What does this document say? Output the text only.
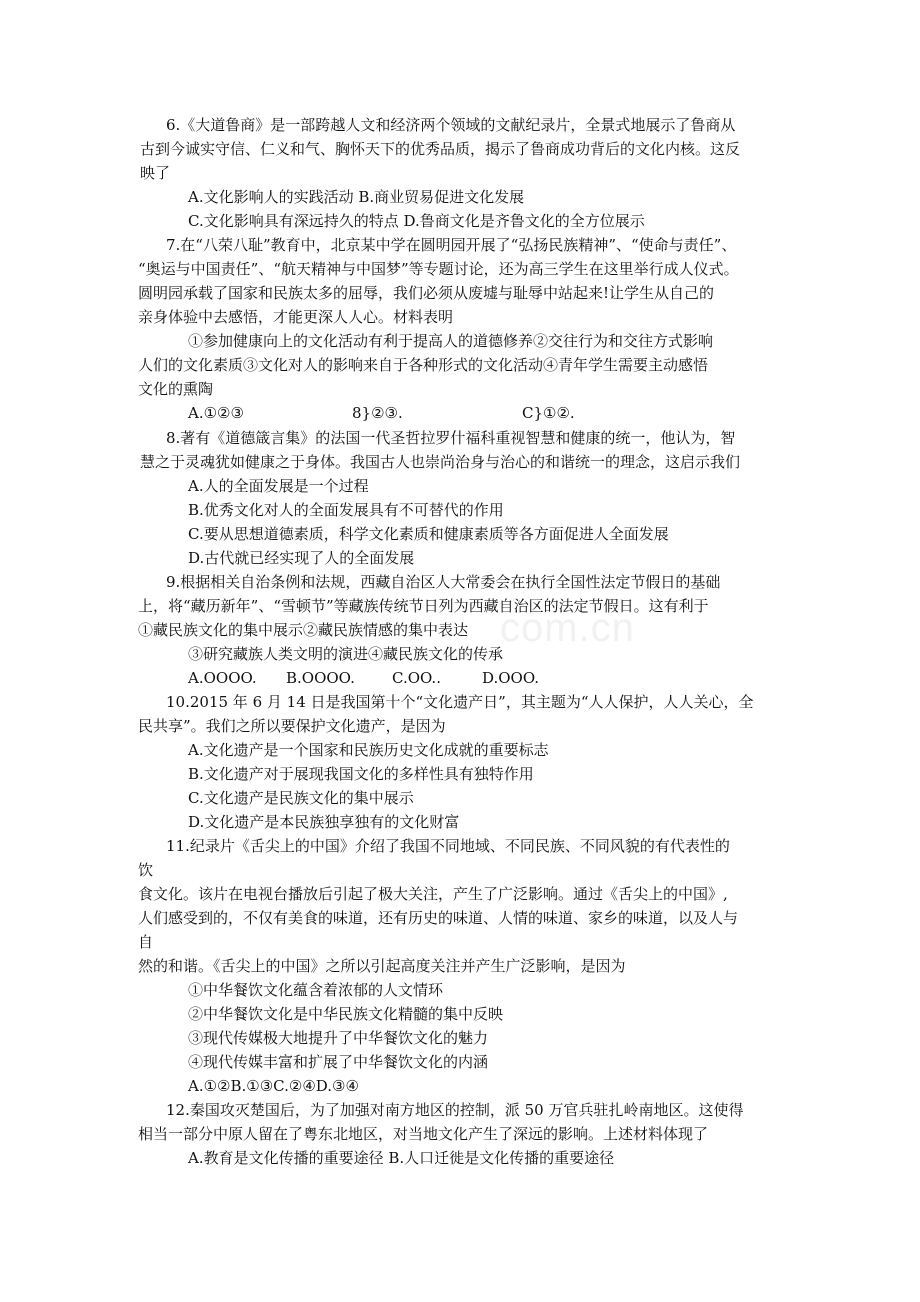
com.cn
6.《大道鲁商》是一部跨越人文和经济两个领域的文献纪录片，全景式地展示了鲁商从
古到今诚实守信、仁义和气、胸怀天下的优秀品质，揭示了鲁商成功背后的文化内核。这反
映了
A.文化影响人的实践活动 B.商业贸易促进文化发展
C.文化影响具有深远持久的特点 D.鲁商文化是齐鲁文化的全方位展示
7.在“八荣八耻”教育中，北京某中学在圆明园开展了“弘扬民族精神”、“使命与责任”、
“奥运与中国责任”、“航天精神与中国梦”等专题讨论，还为高三学生在这里举行成人仪式。
圆明园承载了国家和民族太多的屈辱，我们必须从废墟与耻辱中站起来!让学生从自己的
亲身体验中去感悟，才能更深人人心。材料表明
①参加健康向上的文化活动有利于提高人的道德修养②交往行为和交往方式影响
人们的文化素质③文化对人的影响来自于各种形式的文化活动④青年学生需要主动感悟
文化的熏陶
A.①②③	8}②③.	C}①②.
8.著有《道德箴言集》的法国一代圣哲拉罗什福科重视智慧和健康的统一，他认为，智
慧之于灵魂犹如健康之于身体。我国古人也崇尚治身与治心的和谐统一的理念，这启示我们
A.人的全面发展是一个过程
B.优秀文化对人的全面发展具有不可替代的作用
C.要从思想道德素质，科学文化素质和健康素质等各方面促进人全面发展
D.古代就已经实现了人的全面发展
9.根据相关自治条例和法规，西藏自治区人大常委会在执行全国性法定节假日的基础
上，将“藏历新年”、“雪顿节”等藏族传统节日列为西藏自治区的法定节假日。这有利于
①藏民族文化的集中展示②藏民族情感的集中表达
③研究藏族人类文明的演进④藏民族文化的传承
A.OOOO. B.OOOO. C.OO..	D.OOO.
10.2015 年 6 月 14 日是我国第十个“文化遗产日”，其主题为“人人保护，人人关心，全
民共享”。我们之所以要保护文化遗产，是因为
A.文化遗产是一个国家和民族历史文化成就的重要标志
B.文化遗产对于展现我国文化的多样性具有独特作用
C.文化遗产是民族文化的集中展示
D.文化遗产是本民族独享独有的文化财富
11.纪录片《舌尖上的中国》介绍了我国不同地域、不同民族、不同风貌的有代表性的
饮
食文化。该片在电视台播放后引起了极大关注，产生了广泛影响。通过《舌尖上的中国》,
人们感受到的，不仅有美食的味道，还有历史的味道、人情的味道、家乡的味道，以及人与
自
然的和谐。《舌尖上的中国》之所以引起高度关注并产生广泛影响，是因为
①中华餐饮文化蕴含着浓郁的人文情环
②中华餐饮文化是中华民族文化精髓的集中反映
③现代传媒极大地提升了中华餐饮文化的魅力
④现代传媒丰富和扩展了中华餐饮文化的内涵
A.①②B.①③C.②④D.③④
12.秦国攻灭楚国后，为了加强对南方地区的控制，派 50 万官兵驻扎岭南地区。这使得
相当一部分中原人留在了粤东北地区，对当地文化产生了深远的影响。上述材料体现了
A.教育是文化传播的重要途径 B.人口迁徙是文化传播的重要途径
